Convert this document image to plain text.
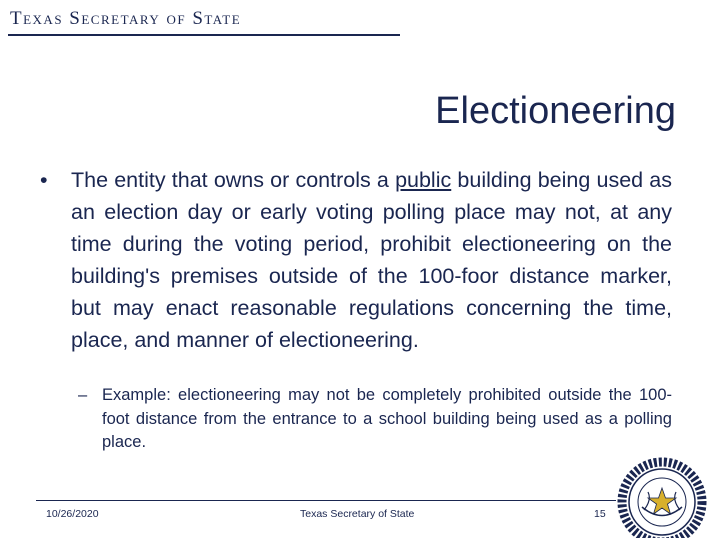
Texas Secretary of State
Electioneering
• The entity that owns or controls a public building being used as an election day or early voting polling place may not, at any time during the voting period, prohibit electioneering on the building's premises outside of the 100-foor distance marker, but may enact reasonable regulations concerning the time, place, and manner of electioneering.
– Example: electioneering may not be completely prohibited outside the 100-foot distance from the entrance to a school building being used as a polling place.
10/26/2020	Texas Secretary of State	15
